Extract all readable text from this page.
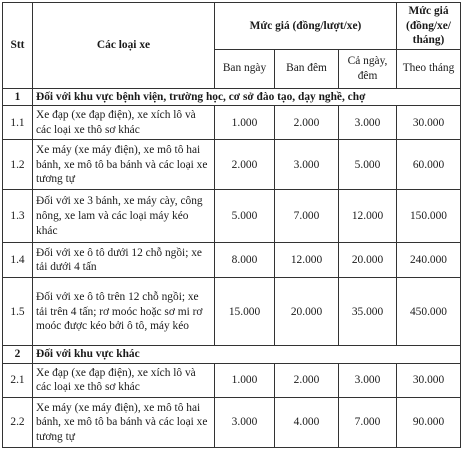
Stt	Các loại xe	Mức giá (đồng/lượt/xe)			Mức giá (đồng/xe/ tháng)
		Ban ngày	Ban đêm	Cả ngày, đêm	Theo tháng
1	Đối với khu vực bệnh viện, trường học, cơ sở đào tạo, dạy nghề, chợ				
1.1	Xe đạp (xe đạp điện), xe xích lô và các loại xe thô sơ khác	1.000	2.000	3.000	30.000
1.2	Xe máy (xe máy điện), xe mô tô hai bánh, xe mô tô ba bánh và các loại xe tương tự	2.000	3.000	5.000	60.000
1.3	Đối với xe 3 bánh, xe máy cày, công nông, xe lam và các loại máy kéo khác	5.000	7.000	12.000	150.000
1.4	Đối với xe ô tô dưới 12 chỗ ngồi; xe tải dưới 4 tấn	8.000	12.000	20.000	240.000
1.5	Đối với xe ô tô trên 12 chỗ ngồi; xe tải trên 4 tấn; rơ moóc hoặc sơ mi rơ moóc được kéo bởi ô tô, máy kéo	15.000	20.000	35.000	450.000
2	Đối với khu vực khác				
2.1	Xe đạp (xe đạp điện), xe xích lô và các loại xe thô sơ khác	1.000	2.000	3.000	30.000
2.2	Xe máy (xe máy điện), xe mô tô hai bánh, xe mô tô ba bánh và các loại xe tương tự	3.000	4.000	7.000	90.000
